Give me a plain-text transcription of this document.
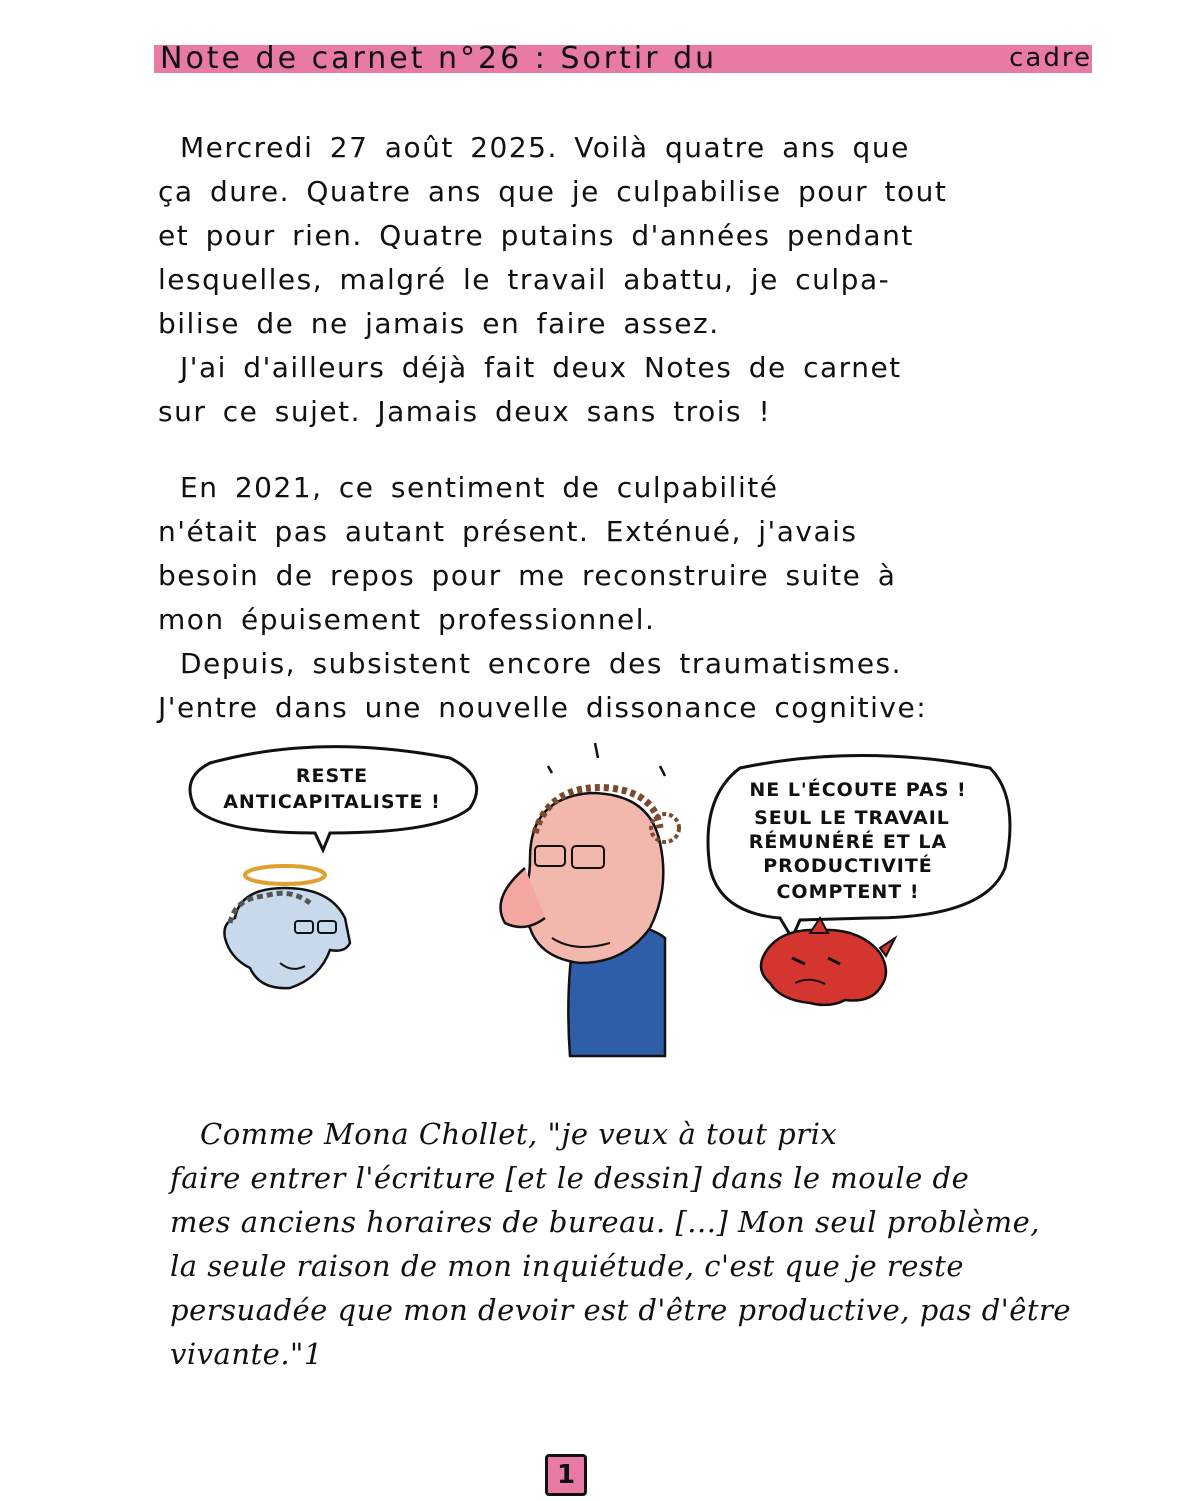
Note de carnet n°26 : Sortir du	cadre
Mercredi 27 août 2025. Voilà quatre ans que
ça dure. Quatre ans que je culpabilise pour tout
et pour rien. Quatre putains d'années pendant
lesquelles, malgré le travail abattu, je culpa-
bilise de ne jamais en faire assez.
J'ai d'ailleurs déjà fait deux Notes de carnet
sur ce sujet. Jamais deux sans trois !
En 2021, ce sentiment de culpabilité
n'était pas autant présent. Exténué, j'avais
besoin de repos pour me reconstruire suite à
mon épuisement professionnel.
Depuis, subsistent encore des traumatismes.
J'entre dans une nouvelle dissonance cognitive:
RESTE
ANTICAPITALISTE !
NE L'ÉCOUTE PAS !
SEUL LE TRAVAIL
RÉMUNÉRÉ ET LA
PRODUCTIVITÉ
COMPTENT !
Comme Mona Chollet, "je veux à tout prix
faire entrer l'écriture [et le dessin] dans le moule de
mes anciens horaires de bureau. [...] Mon seul problème,
la seule raison de mon inquiétude, c'est que je reste
persuadée que mon devoir est d'être productive, pas d'être
vivante."1
1
